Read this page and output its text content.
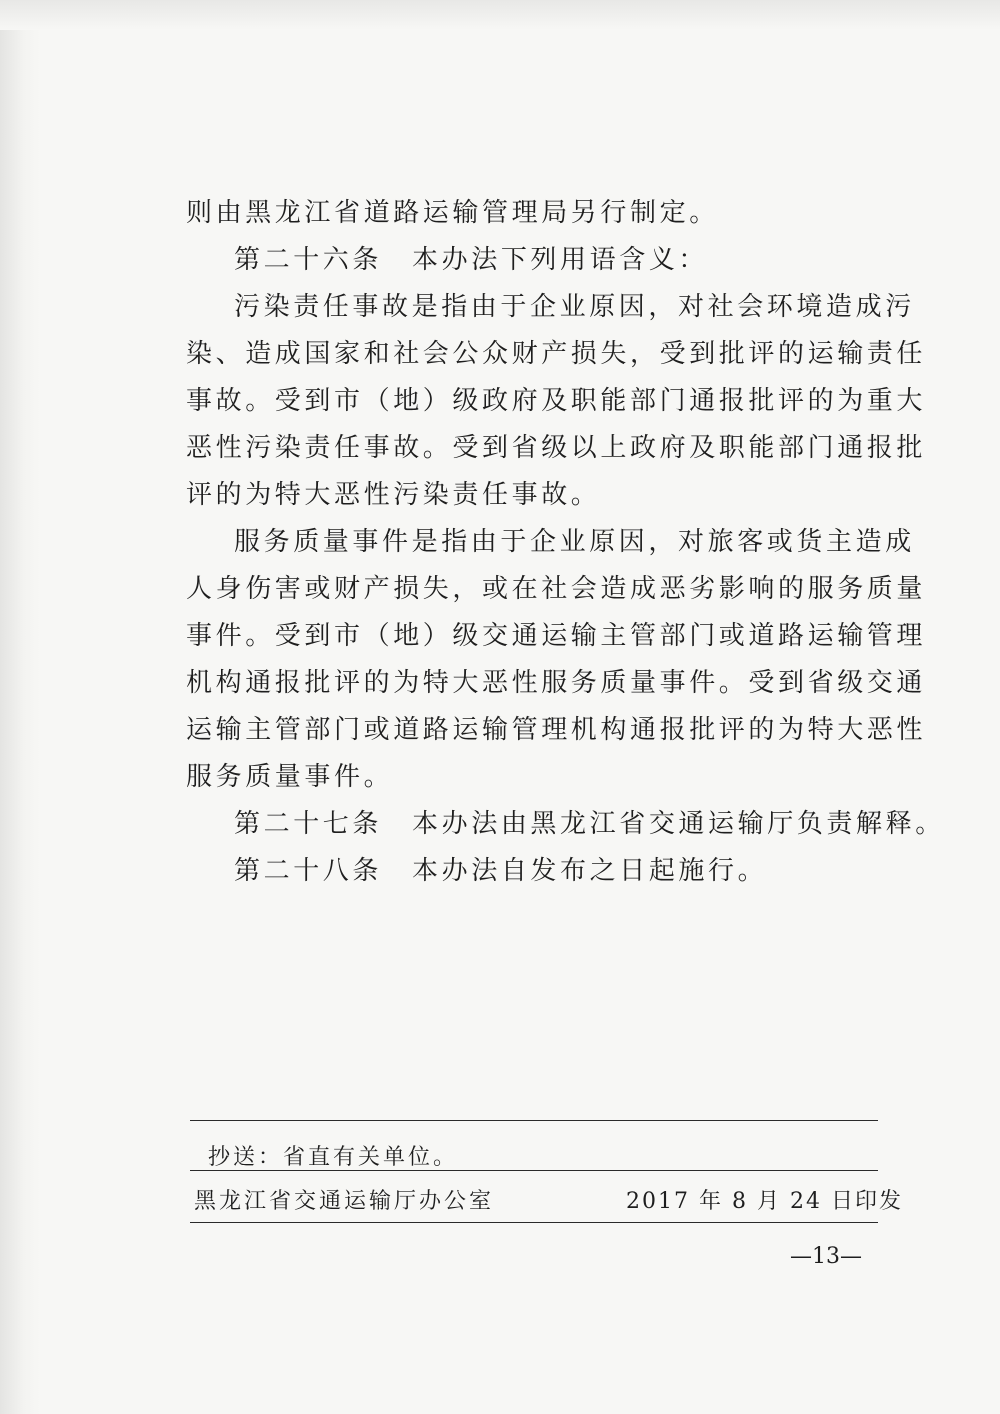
则由黑龙江省道路运输管理局另行制定。
第二十六条 本办法下列用语含义：
污染责任事故是指由于企业原因，对社会环境造成污
染、造成国家和社会公众财产损失，受到批评的运输责任
事故。受到市（地）级政府及职能部门通报批评的为重大
恶性污染责任事故。受到省级以上政府及职能部门通报批
评的为特大恶性污染责任事故。
服务质量事件是指由于企业原因，对旅客或货主造成
人身伤害或财产损失，或在社会造成恶劣影响的服务质量
事件。受到市（地）级交通运输主管部门或道路运输管理
机构通报批评的为特大恶性服务质量事件。受到省级交通
运输主管部门或道路运输管理机构通报批评的为特大恶性
服务质量事件。
第二十七条 本办法由黑龙江省交通运输厅负责解释。
第二十八条 本办法自发布之日起施行。
抄送：省直有关单位。
黑龙江省交通运输厅办公室	2017 年 8 月 24 日印发
—13—
